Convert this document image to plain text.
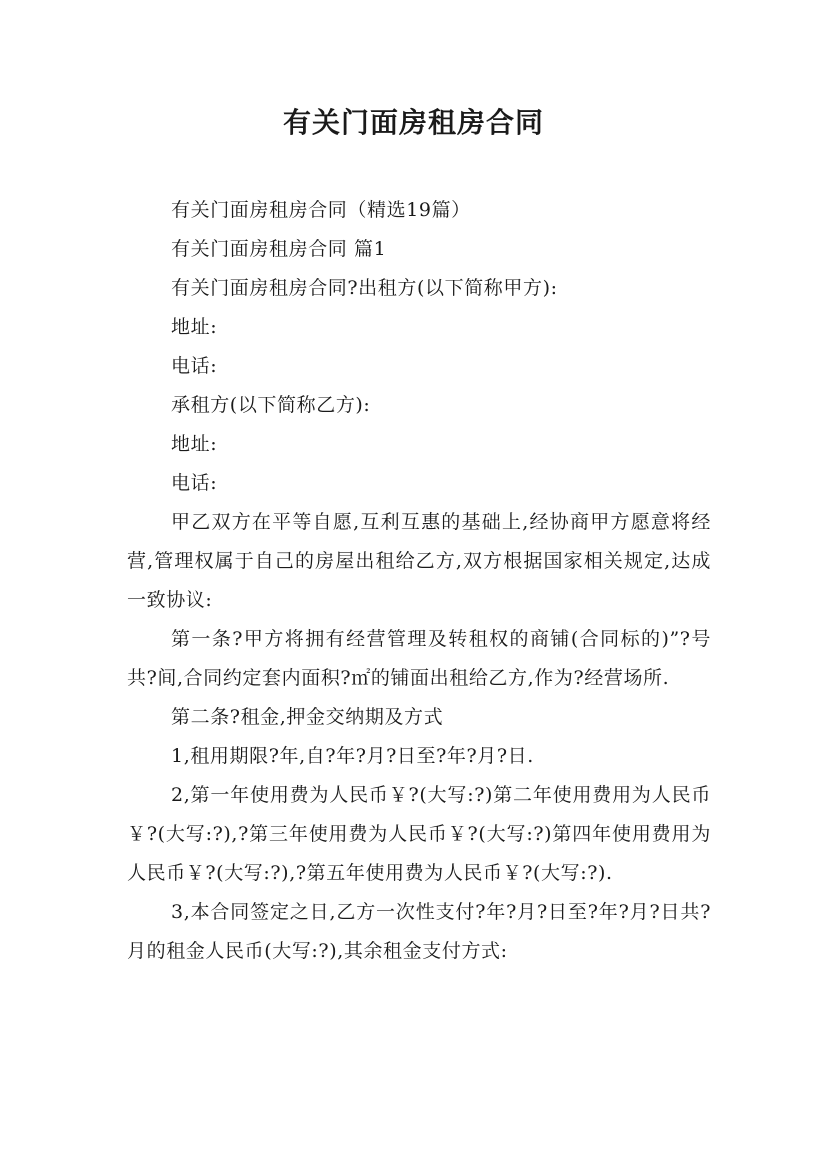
有关门面房租房合同

有关门面房租房合同（精选19篇）

有关门面房租房合同 篇1

有关门面房租房合同?出租方(以下简称甲方):

地址:

电话:

承租方(以下简称乙方):

地址:

电话:

甲乙双方在平等自愿,互利互惠的基础上,经协商甲方愿意将经营,管理权属于自己的房屋出租给乙方,双方根据国家相关规定,达成一致协议:

第一条?甲方将拥有经营管理及转租权的商铺(合同标的)”?号共?间,合同约定套内面积?㎡的铺面出租给乙方,作为?经营场所.

第二条?租金,押金交纳期及方式

1,租用期限?年,自?年?月?日至?年?月?日.

2,第一年使用费为人民币￥?(大写:?)第二年使用费用为人民币￥?(大写:?),?第三年使用费为人民币￥?(大写:?)第四年使用费用为人民币￥?(大写:?),?第五年使用费为人民币￥?(大写:?).

3,本合同签定之日,乙方一次性支付?年?月?日至?年?月?日共?月的租金人民币(大写:?),其余租金支付方式:
